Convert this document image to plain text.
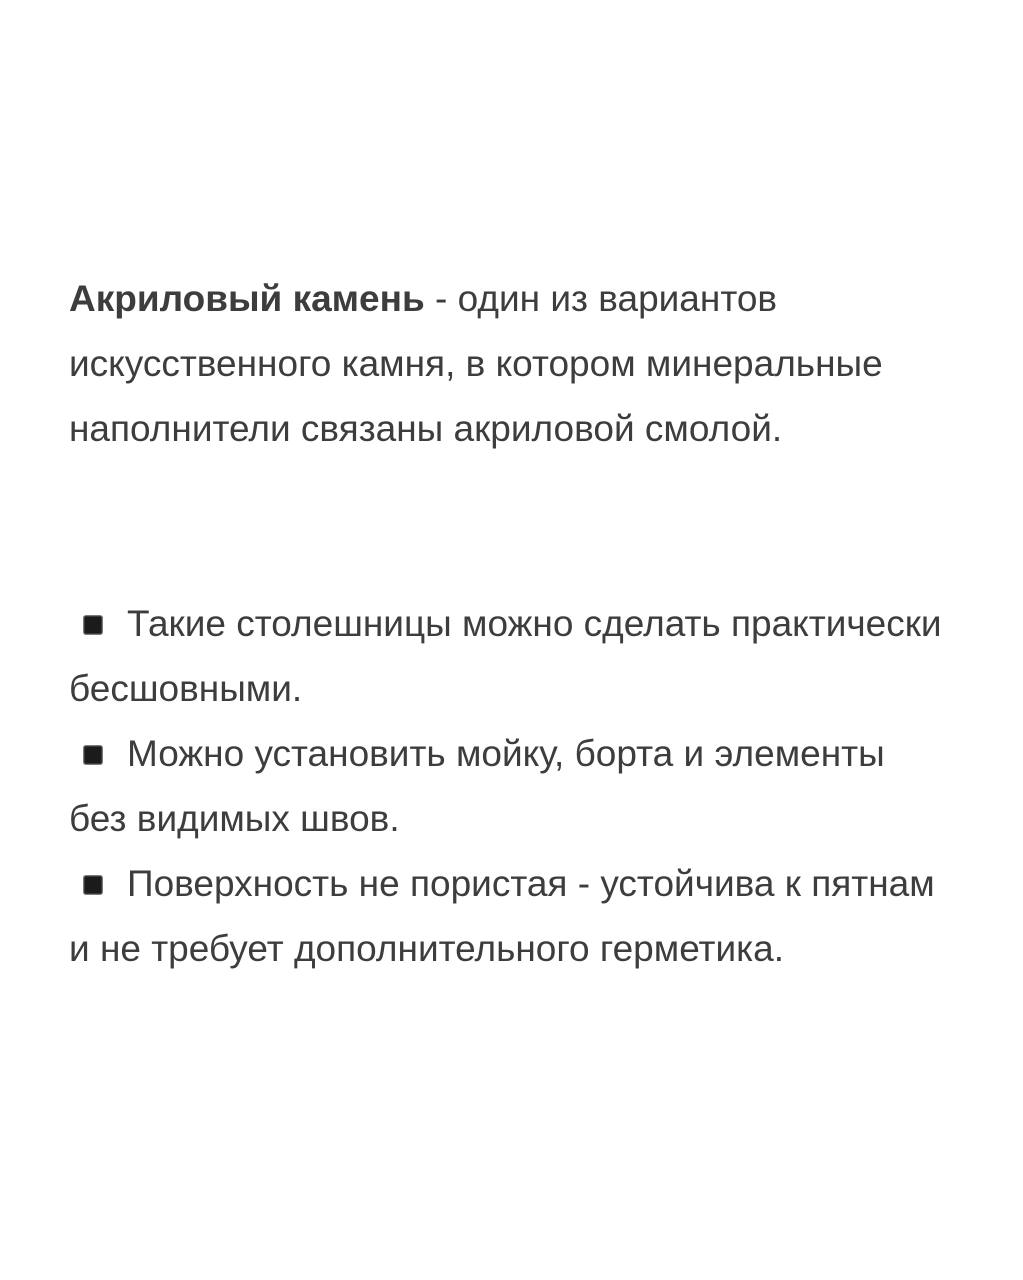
Акриловый камень - один из вариантов искусственного камня, в котором минеральные наполнители связаны акриловой смолой.

Такие столешницы можно сделать практически бесшовными.
Можно установить мойку, борта и элементы без видимых швов.
Поверхность не пористая - устойчива к пятнам и не требует дополнительного герметика.
